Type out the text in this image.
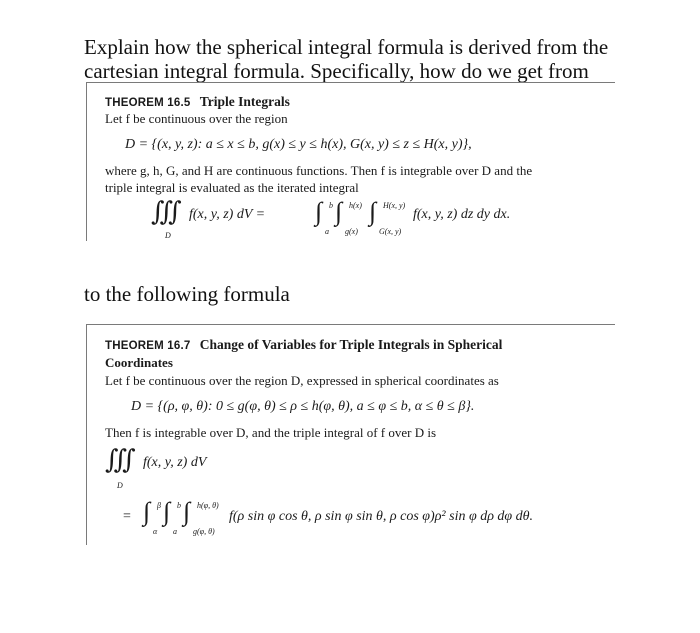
Explain how the spherical integral formula is derived from the
cartesian integral formula. Specifically, how do we get from
THEOREM 16.5 Triple Integrals
Let f be continuous over the region
D = {(x, y, z): a ≤ x ≤ b, g(x) ≤ y ≤ h(x), G(x, y) ≤ z ≤ H(x, y)},
where g, h, G, and H are continuous functions. Then f is integrable over D and the
triple integral is evaluated as the iterated integral
∭
D
f(x, y, z) dV = ∫ b
a
∫ h(x)
g(x)
∫ H(x, y)
G(x, y)
f(x, y, z) dz dy dx.
to the following formula
THEOREM 16.7 Change of Variables for Triple Integrals in Spherical
Coordinates
Let f be continuous over the region D, expressed in spherical coordinates as
D = {(ρ, φ, θ): 0 ≤ g(φ, θ) ≤ ρ ≤ h(φ, θ), a ≤ φ ≤ b, α ≤ θ ≤ β}.
Then f is integrable over D, and the triple integral of f over D is
∭
D
f(x, y, z) dV
= ∫ β
α
∫ b
a
∫ h(φ, θ)
g(φ, θ)
f(ρ sin φ cos θ, ρ sin φ sin θ, ρ cos φ)ρ² sin φ dρ dφ dθ.
